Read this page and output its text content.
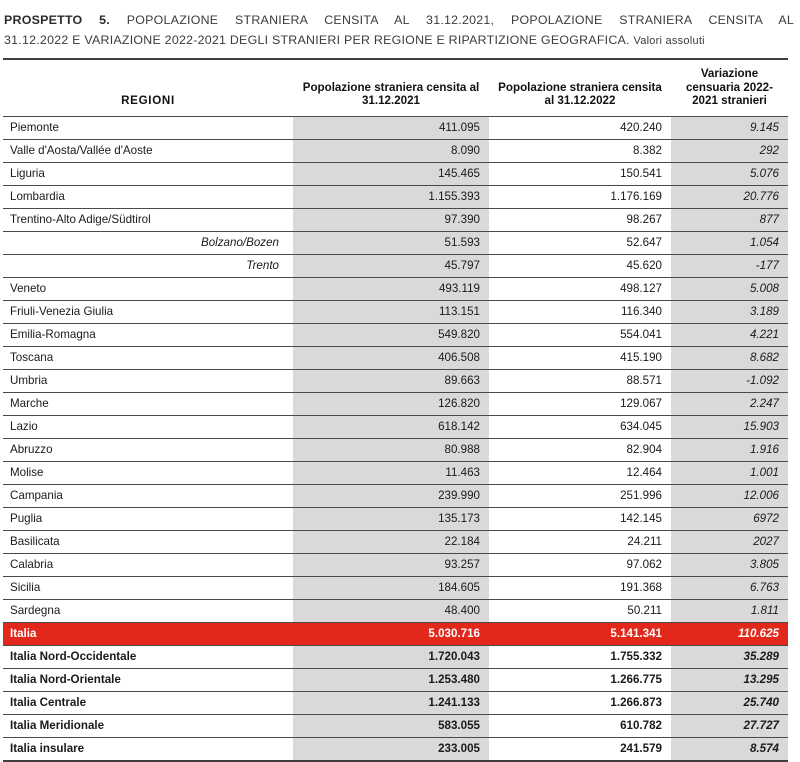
PROSPETTO 5. POPOLAZIONE STRANIERA CENSITA AL 31.12.2021, POPOLAZIONE STRANIERA CENSITA AL
31.12.2022 E VARIAZIONE 2022-2021 DEGLI STRANIERI PER REGIONE E RIPARTIZIONE GEOGRAFICA. Valori assoluti
REGIONI	Popolazione straniera censita al 31.12.2021	Popolazione straniera censita al 31.12.2022	Variazione censuaria 2022-2021 stranieri
Piemonte	411.095	420.240	9.145
Valle d'Aosta/Vallée d'Aoste	8.090	8.382	292
Liguria	145.465	150.541	5.076
Lombardia	1.155.393	1.176.169	20.776
Trentino-Alto Adige/Südtirol	97.390	98.267	877
Bolzano/Bozen	51.593	52.647	1.054
Trento	45.797	45.620	-177
Veneto	493.119	498.127	5.008
Friuli-Venezia Giulia	113.151	116.340	3.189
Emilia-Romagna	549.820	554.041	4.221
Toscana	406.508	415.190	8.682
Umbria	89.663	88.571	-1.092
Marche	126.820	129.067	2.247
Lazio	618.142	634.045	15.903
Abruzzo	80.988	82.904	1.916
Molise	11.463	12.464	1.001
Campania	239.990	251.996	12.006
Puglia	135.173	142.145	6972
Basilicata	22.184	24.211	2027
Calabria	93.257	97.062	3.805
Sicilia	184.605	191.368	6.763
Sardegna	48.400	50.211	1.811
Italia	5.030.716	5.141.341	110.625
Italia Nord-Occidentale	1.720.043	1.755.332	35.289
Italia Nord-Orientale	1.253.480	1.266.775	13.295
Italia Centrale	1.241.133	1.266.873	25.740
Italia Meridionale	583.055	610.782	27.727
Italia insulare	233.005	241.579	8.574
